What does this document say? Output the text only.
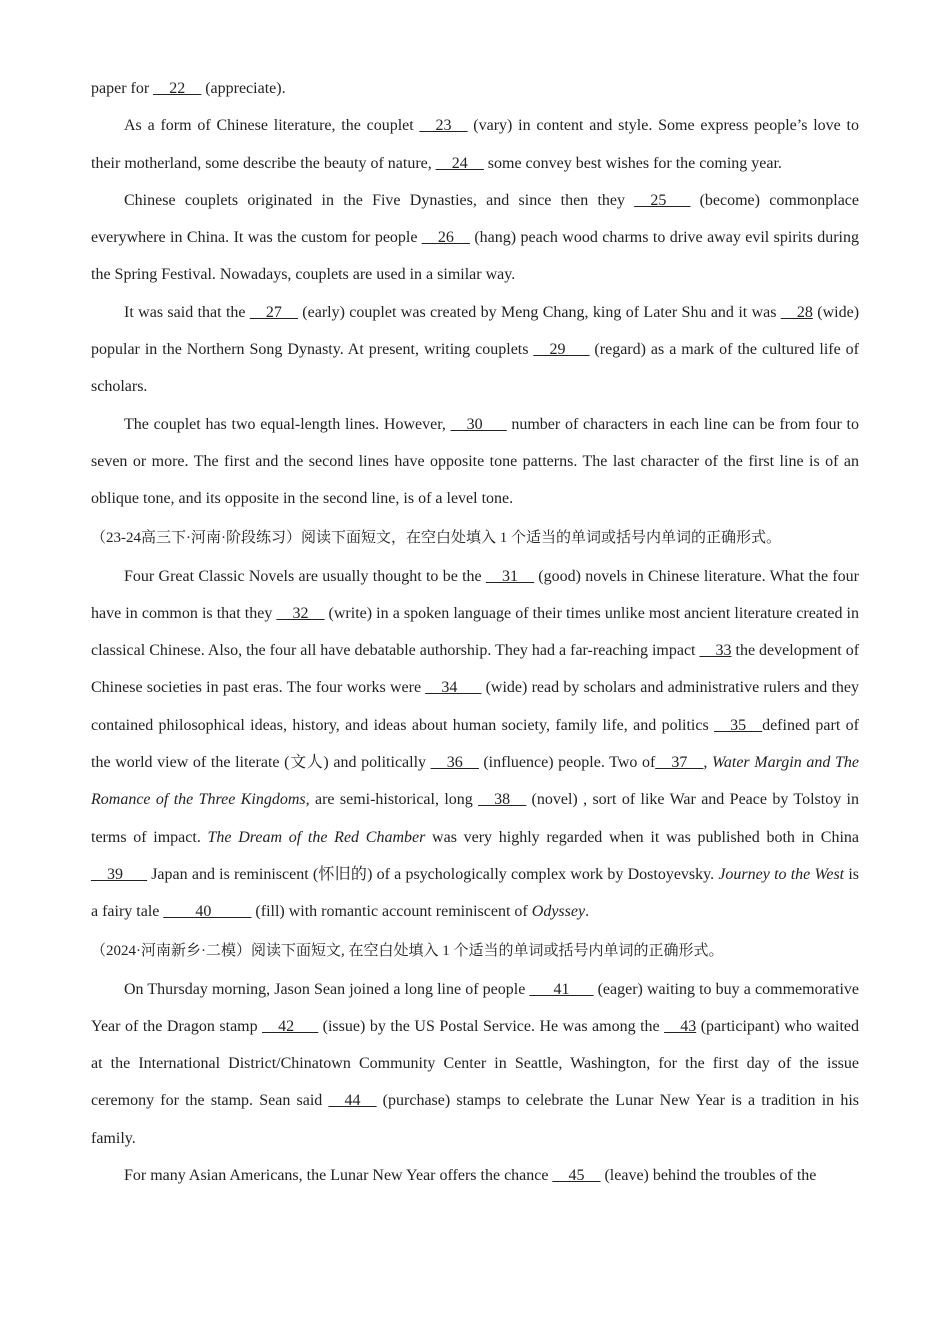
paper for __22__ (appreciate).

As a form of Chinese literature, the couplet __23__ (vary) in content and style. Some express people’s love to their motherland, some describe the beauty of nature, __24__ some convey best wishes for the coming year.

Chinese couplets originated in the Five Dynasties, and since then they __25___ (become) commonplace everywhere in China. It was the custom for people __26__ (hang) peach wood charms to drive away evil spirits during the Spring Festival. Nowadays, couplets are used in a similar way.

It was said that the __27__ (early) couplet was created by Meng Chang, king of Later Shu and it was __28 (wide) popular in the Northern Song Dynasty. At present, writing couplets __29___ (regard) as a mark of the cultured life of scholars.

The couplet has two equal-length lines. However, __30___ number of characters in each line can be from four to seven or more. The first and the second lines have opposite tone patterns. The last character of the first line is of an oblique tone, and its opposite in the second line, is of a level tone.

（23-24高三下·河南·阶段练习）阅读下面短文，在空白处填入 1 个适当的单词或括号内单词的正确形式。

Four Great Classic Novels are usually thought to be the __31__ (good) novels in Chinese literature. What the four have in common is that they __32__ (write) in a spoken language of their times unlike most ancient literature created in classical Chinese. Also, the four all have debatable authorship. They had a far-reaching impact __33 the development of Chinese societies in past eras. The four works were __34___ (wide) read by scholars and administrative rulers and they contained philosophical ideas, history, and ideas about human society, family life, and politics __35__defined part of the world view of the literate (文人) and politically __36__ (influence) people. Two of__37__, Water Margin and The Romance of the Three Kingdoms, are semi-historical, long __38__ (novel) , sort of like War and Peace by Tolstoy in terms of impact. The Dream of the Red Chamber was very highly regarded when it was published both in China __39___ Japan and is reminiscent (怀旧的) of a psychologically complex work by Dostoyevsky. Journey to the West is a fairy tale ____40_____ (fill) with romantic account reminiscent of Odyssey.

（2024·河南新乡·二模）阅读下面短文, 在空白处填入 1 个适当的单词或括号内单词的正确形式。

On Thursday morning, Jason Sean joined a long line of people ___41___ (eager) waiting to buy a commemorative Year of the Dragon stamp __42___ (issue) by the US Postal Service. He was among the __43 (participant) who waited at the International District/Chinatown Community Center in Seattle, Washington, for the first day of the issue ceremony for the stamp. Sean said __44__ (purchase) stamps to celebrate the Lunar New Year is a tradition in his family.

For many Asian Americans, the Lunar New Year offers the chance __45__ (leave) behind the troubles of the
